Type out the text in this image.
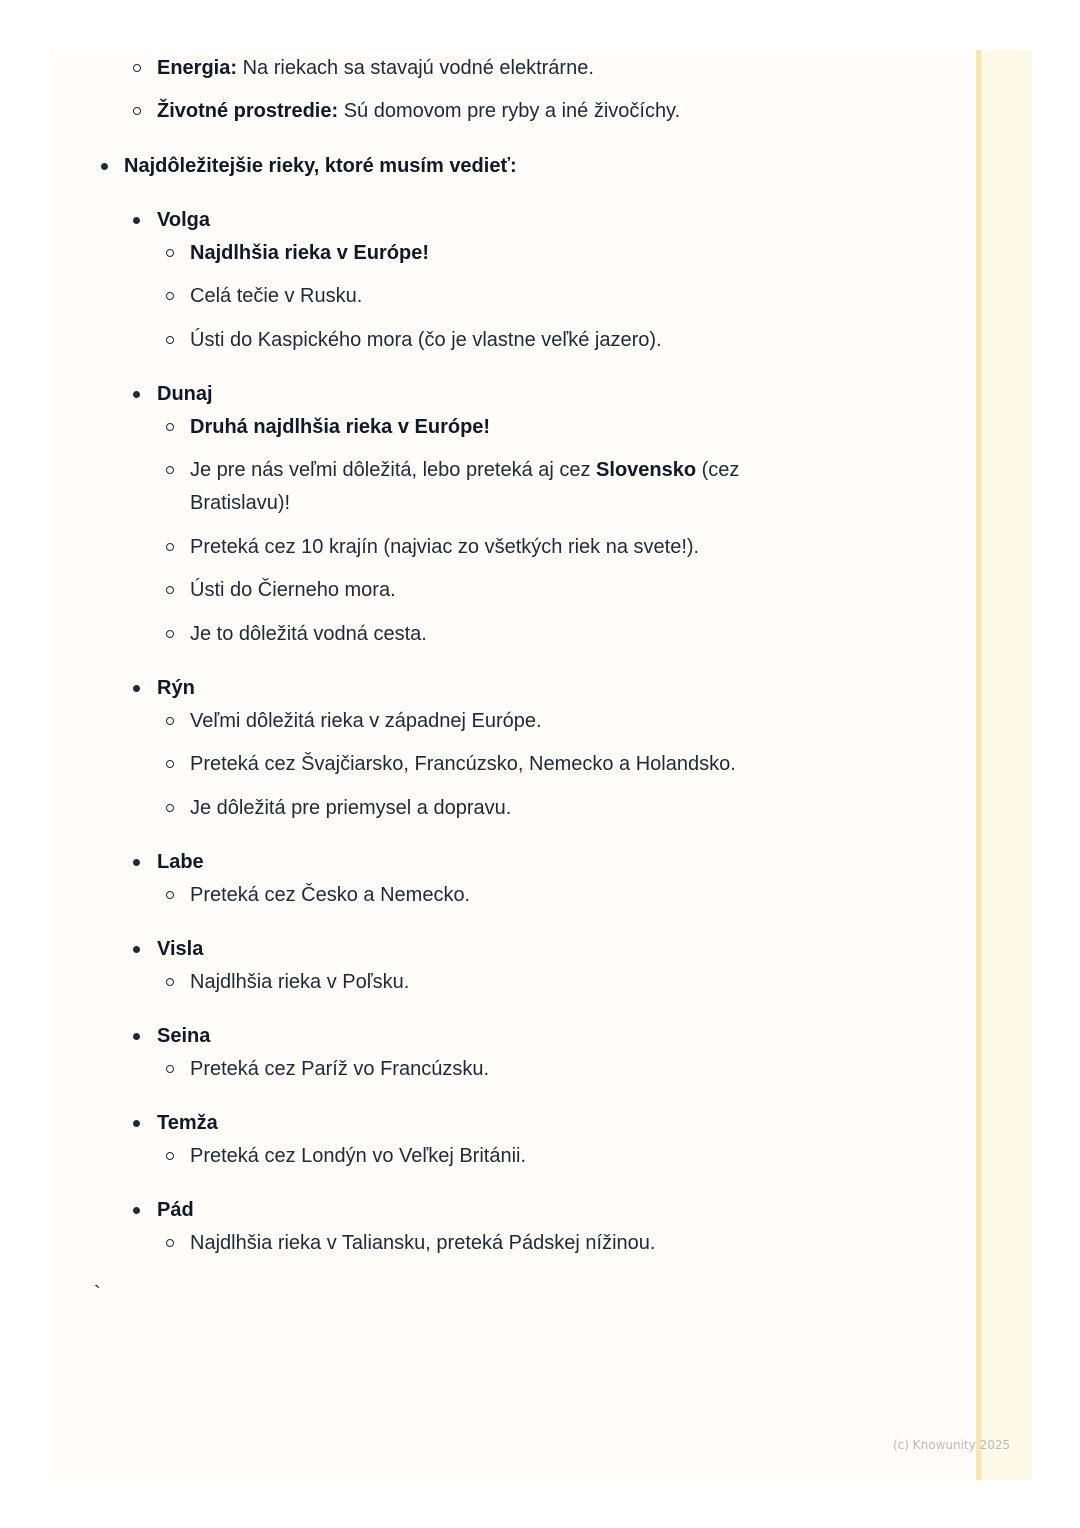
Energia: Na riekach sa stavajú vodné elektrárne.
Životné prostredie: Sú domovom pre ryby a iné živočíchy.
Najdôležitejšie rieky, ktoré musím vedieť:
Volga
Najdlhšia rieka v Európe!
Celá tečie v Rusku.
Ústi do Kaspického mora (čo je vlastne veľké jazero).
Dunaj
Druhá najdlhšia rieka v Európe!
Je pre nás veľmi dôležitá, lebo preteká aj cez Slovensko (cez
Bratislavu)!
Preteká cez 10 krajín (najviac zo všetkých riek na svete!).
Ústi do Čierneho mora.
Je to dôležitá vodná cesta.
Rýn
Veľmi dôležitá rieka v západnej Európe.
Preteká cez Švajčiarsko, Francúzsko, Nemecko a Holandsko.
Je dôležitá pre priemysel a dopravu.
Labe
Preteká cez Česko a Nemecko.
Visla
Najdlhšia rieka v Poľsku.
Seina
Preteká cez Paríž vo Francúzsku.
Temža
Preteká cez Londýn vo Veľkej Británii.
Pád
Najdlhšia rieka v Taliansku, preteká Pádskej nížinou.
`
(c) Knowunity 2025
